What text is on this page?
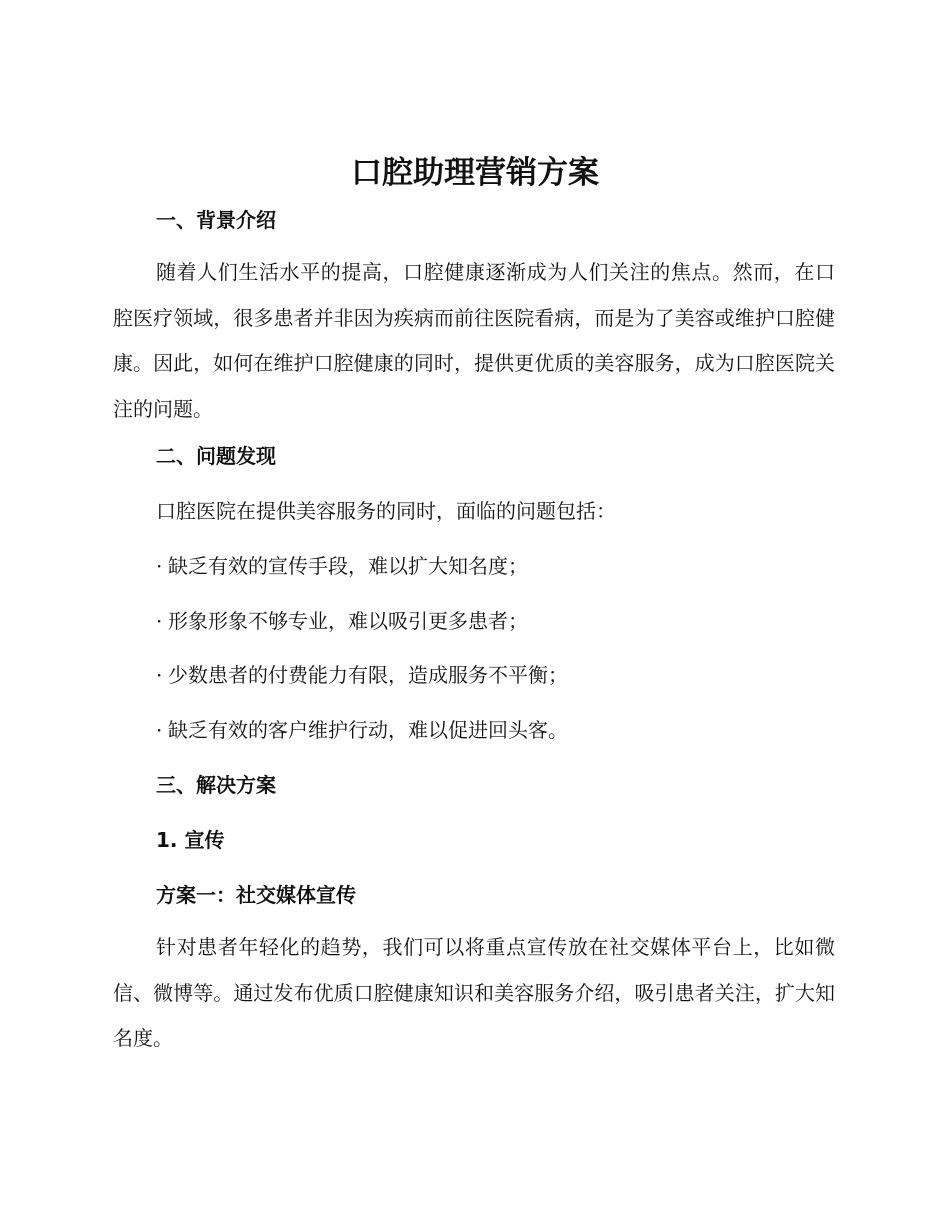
口腔助理营销方案
一、背景介绍

随着人们生活水平的提高，口腔健康逐渐成为人们关注的焦点。然而，在口腔医疗领域，很多患者并非因为疾病而前往医院看病，而是为了美容或维护口腔健康。因此，如何在维护口腔健康的同时，提供更优质的美容服务，成为口腔医院关注的问题。

二、问题发现

口腔医院在提供美容服务的同时，面临的问题包括：

· 缺乏有效的宣传手段，难以扩大知名度；

· 形象形象不够专业，难以吸引更多患者；

· 少数患者的付费能力有限，造成服务不平衡；

· 缺乏有效的客户维护行动，难以促进回头客。

三、解决方案
1. 宣传
方案一：社交媒体宣传

针对患者年轻化的趋势，我们可以将重点宣传放在社交媒体平台上，比如微信、微博等。通过发布优质口腔健康知识和美容服务介绍，吸引患者关注，扩大知名度。
